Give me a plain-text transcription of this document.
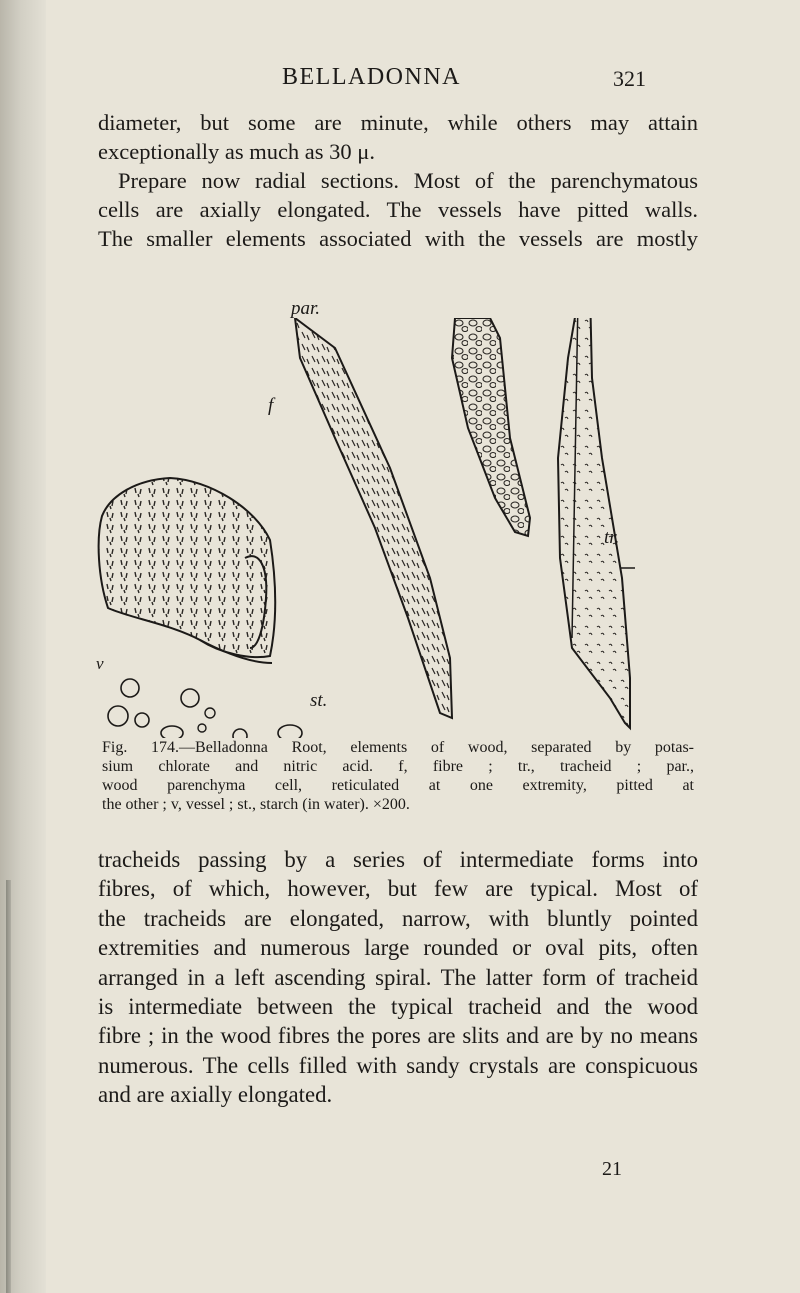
BELLADONNA	321

diameter, but some are minute, while others may attain
exceptionally as much as 30 μ.
Prepare now radial sections. Most of the parenchymatous
cells are axially elongated. The vessels have pitted walls.
The smaller elements associated with the vessels are mostly

par.
f
tr.
v
st.

Fig. 174.—Belladonna Root, elements of wood, separated by potas-
sium chlorate and nitric acid. f, fibre ; tr., tracheid ; par.,
wood parenchyma cell, reticulated at one extremity, pitted at
the other ; v, vessel ; st., starch (in water). ×200.

tracheids passing by a series of intermediate forms into
fibres, of which, however, but few are typical. Most of
the tracheids are elongated, narrow, with bluntly pointed
extremities and numerous large rounded or oval pits, often
arranged in a left ascending spiral. The latter form of tracheid
is intermediate between the typical tracheid and the wood
fibre ; in the wood fibres the pores are slits and are by no means
numerous. The cells filled with sandy crystals are conspicuous
and are axially elongated.

21
